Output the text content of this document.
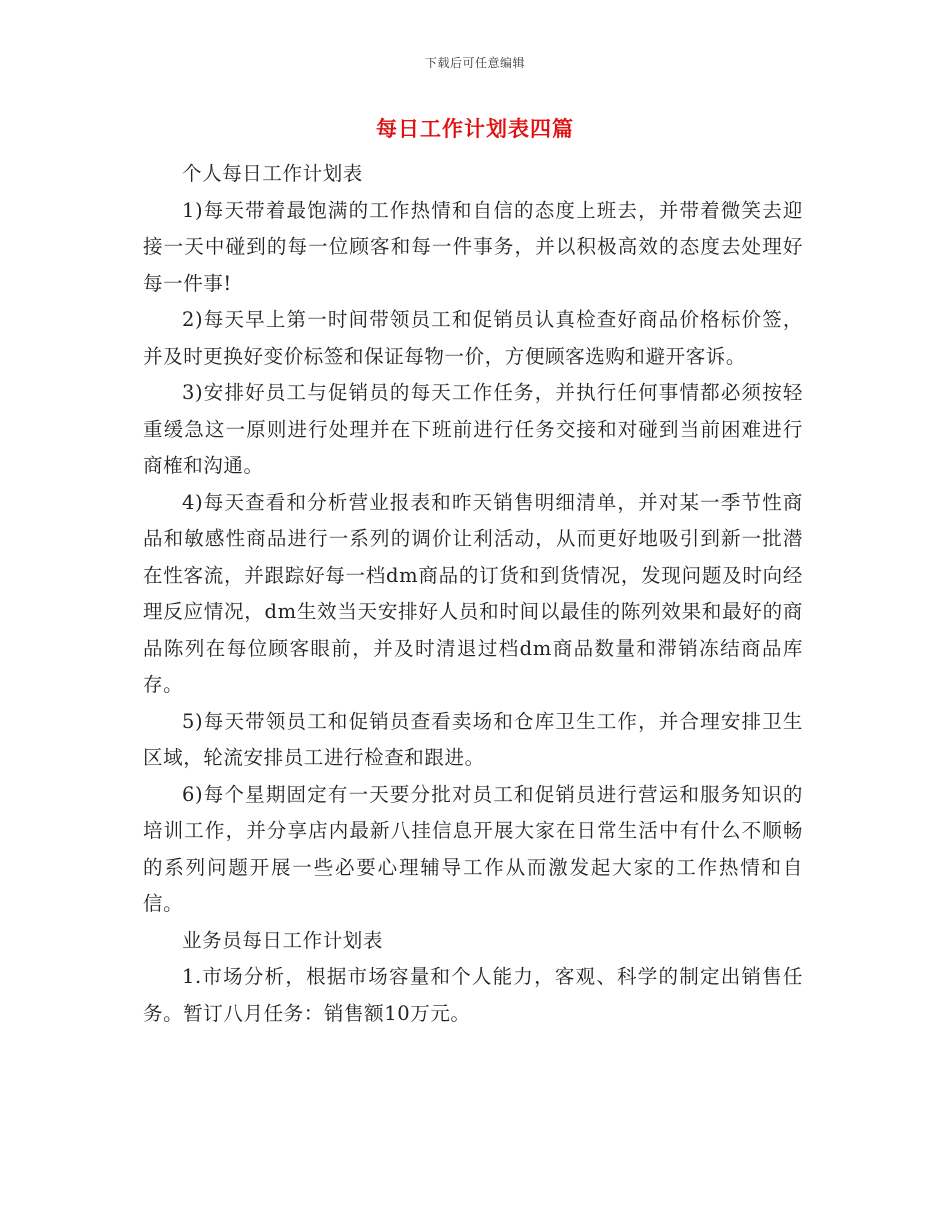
下载后可任意编辑
每日工作计划表四篇

个人每日工作计划表

1)每天带着最饱满的工作热情和自信的态度上班去，并带着微笑去迎接一天中碰到的每一位顾客和每一件事务，并以积极高效的态度去处理好每一件事!

2)每天早上第一时间带领员工和促销员认真检查好商品价格标价签，并及时更换好变价标签和保证每物一价，方便顾客选购和避开客诉。

3)安排好员工与促销员的每天工作任务，并执行任何事情都必须按轻重缓急这一原则进行处理并在下班前进行任务交接和对碰到当前困难进行商榷和沟通。

4)每天查看和分析营业报表和昨天销售明细清单，并对某一季节性商品和敏感性商品进行一系列的调价让利活动，从而更好地吸引到新一批潜在性客流，并跟踪好每一档dm商品的订货和到货情况，发现问题及时向经理反应情况，dm生效当天安排好人员和时间以最佳的陈列效果和最好的商品陈列在每位顾客眼前，并及时清退过档dm商品数量和滞销冻结商品库存。

5)每天带领员工和促销员查看卖场和仓库卫生工作，并合理安排卫生区域，轮流安排员工进行检查和跟进。

6)每个星期固定有一天要分批对员工和促销员进行营运和服务知识的培训工作，并分享店内最新八挂信息开展大家在日常生活中有什么不顺畅的系列问题开展一些必要心理辅导工作从而激发起大家的工作热情和自信。

业务员每日工作计划表

1.市场分析，根据市场容量和个人能力，客观、科学的制定出销售任务。暂订八月任务：销售额10万元。
